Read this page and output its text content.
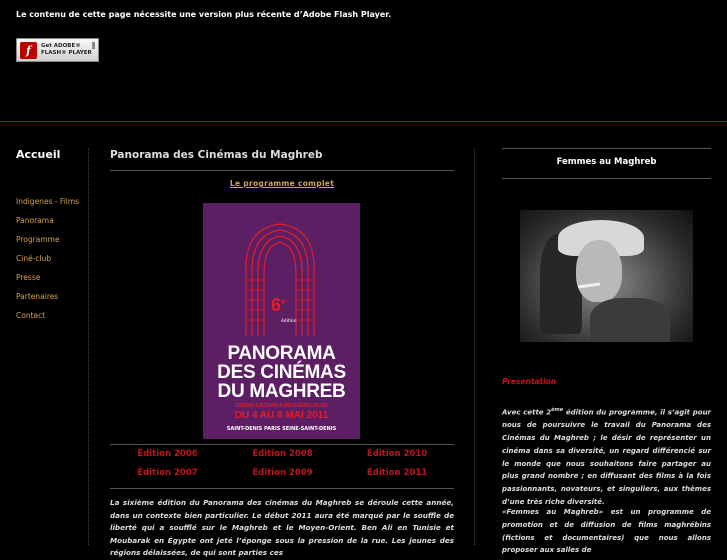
Le contenu de cette page nécessite une version plus récente d’Adobe Flash Player.
f	Get ADOBE®
FLASH® PLAYER
Accueil
Indigenes - Films
Panorama
Programme
Ciné-club
Presse
Partenaires
Contact
Panorama des Cinémas du Maghreb
Le programme complet
6e
édition
PANORAMA
DES CINÉMAS
DU MAGHREB
CINÉMA L’ÉCRAN & INDIGÈNES FILMS
DU 4 AU 8 MAI 2011
SAINT-DENIS PARIS SEINE-SAINT-DENIS
Édition 2006	Édition 2008	Édition 2010
Édition 2007	Édition 2009	Édition 2011
La sixième édition du Panorama des cinémas du Maghreb se déroule cette année, dans un contexte bien particulier. Le début 2011 aura été marqué par le souffle de liberté qui a soufflé sur le Maghreb et le Moyen-Orient. Ben Ali en Tunisie et Moubarak en Égypte ont jeté l’éponge sous la pression de la rue. Les jeunes des régions délaissées, de qui sont parties ces
Femmes au Maghreb
Presentation
Avec cette 2ème édition du programme, il s’agit pour nous de poursuivre le travail du Panorama des Cinémas du Maghreb ; le désir de représenter un cinéma dans sa diversité, un regard différencié sur le monde que nous souhaitons faire partager au plus grand nombre ; en diffusant des films à la fois passionnants, novateurs, et singuliers, aux thèmes d’une très riche diversité.
«Femmes au Maghreb» est un programme de promotion et de diffusion de films maghrébins (fictions et documentaires) que nous allons proposer aux salles de
